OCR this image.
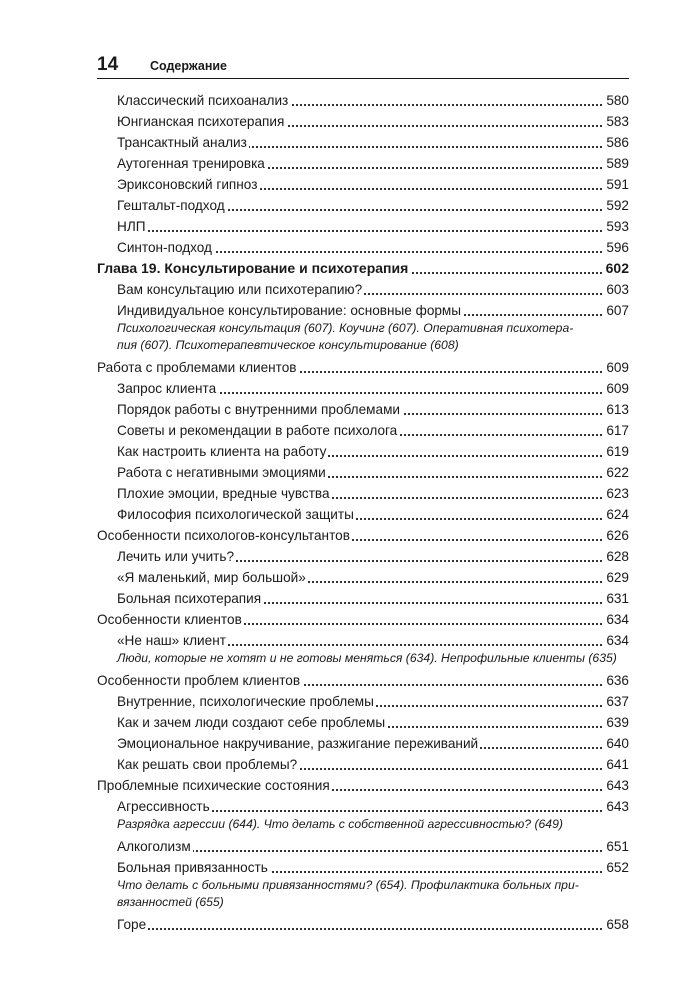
14	Содержание
Классический психоанализ	580
Юнгианская психотерапия	583
Трансактный анализ	586
Аутогенная тренировка	589
Эриксоновский гипноз	591
Гештальт-подход	592
НЛП	593
Синтон-подход	596
Глава 19. Консультирование и психотерапия	602
Вам консультацию или психотерапию?	603
Индивидуальное консультирование: основные формы	607
Психологическая консультация (607). Коучинг (607). Оперативная психотера-
пия (607). Психотерапевтическое консультирование (608)
Работа с проблемами клиентов	609
Запрос клиента	609
Порядок работы с внутренними проблемами	613
Советы и рекомендации в работе психолога	617
Как настроить клиента на работу	619
Работа с негативными эмоциями	622
Плохие эмоции, вредные чувства	623
Философия психологической защиты	624
Особенности психологов-консультантов	626
Лечить или учить?	628
«Я маленький, мир большой»	629
Больная психотерапия	631
Особенности клиентов	634
«Не наш» клиент	634
Люди, которые не хотят и не готовы меняться (634). Непрофильные клиенты (635)
Особенности проблем клиентов	636
Внутренние, психологические проблемы	637
Как и зачем люди создают себе проблемы	639
Эмоциональное накручивание, разжигание переживаний	640
Как решать свои проблемы?	641
Проблемные психические состояния	643
Агрессивность	643
Разрядка агрессии (644). Что делать с собственной агрессивностью? (649)
Алкоголизм	651
Больная привязанность	652
Что делать с больными привязанностями? (654). Профилактика больных при-
вязанностей (655)
Горе	658
